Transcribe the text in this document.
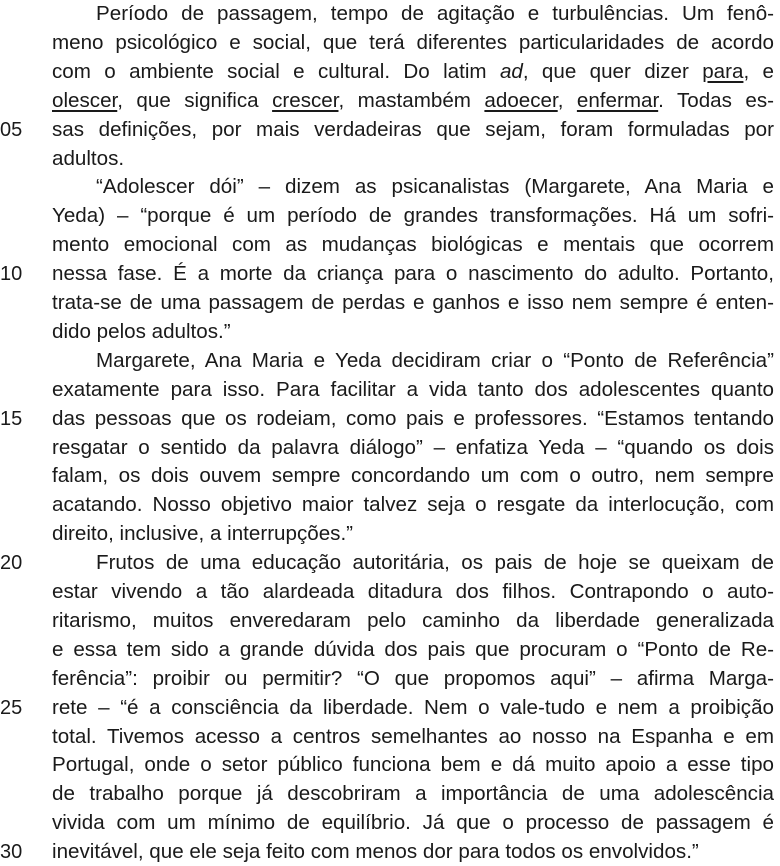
05
10
15
20
25
30
Período de passagem, tempo de agitação e turbulências. Um fenô-
meno psicológico e social, que terá diferentes particularidades de acordo
com o ambiente social e cultural. Do latim ad, que quer dizer para, e
olescer, que significa crescer, mastambém adoecer, enfermar. Todas es-
sas definições, por mais verdadeiras que sejam, foram formuladas por
adultos.
“Adolescer dói” – dizem as psicanalistas (Margarete, Ana Maria e
Yeda) – “porque é um período de grandes transformações. Há um sofri-
mento emocional com as mudanças biológicas e mentais que ocorrem
nessa fase. É a morte da criança para o nascimento do adulto. Portanto,
trata-se de uma passagem de perdas e ganhos e isso nem sempre é enten-
dido pelos adultos.”
Margarete, Ana Maria e Yeda decidiram criar o “Ponto de Referência”
exatamente para isso. Para facilitar a vida tanto dos adolescentes quanto
das pessoas que os rodeiam, como pais e professores. “Estamos tentando
resgatar o sentido da palavra diálogo” – enfatiza Yeda – “quando os dois
falam, os dois ouvem sempre concordando um com o outro, nem sempre
acatando. Nosso objetivo maior talvez seja o resgate da interlocução, com
direito, inclusive, a interrupções.”
Frutos de uma educação autoritária, os pais de hoje se queixam de
estar vivendo a tão alardeada ditadura dos filhos. Contrapondo o auto-
ritarismo, muitos enveredaram pelo caminho da liberdade generalizada
e essa tem sido a grande dúvida dos pais que procuram o “Ponto de Re-
ferência”: proibir ou permitir? “O que propomos aqui” – afirma Marga-
rete – “é a consciência da liberdade. Nem o vale-tudo e nem a proibição
total. Tivemos acesso a centros semelhantes ao nosso na Espanha e em
Portugal, onde o setor público funciona bem e dá muito apoio a esse tipo
de trabalho porque já descobriram a importância de uma adolescência
vivida com um mínimo de equilíbrio. Já que o processo de passagem é
inevitável, que ele seja feito com menos dor para todos os envolvidos.”
